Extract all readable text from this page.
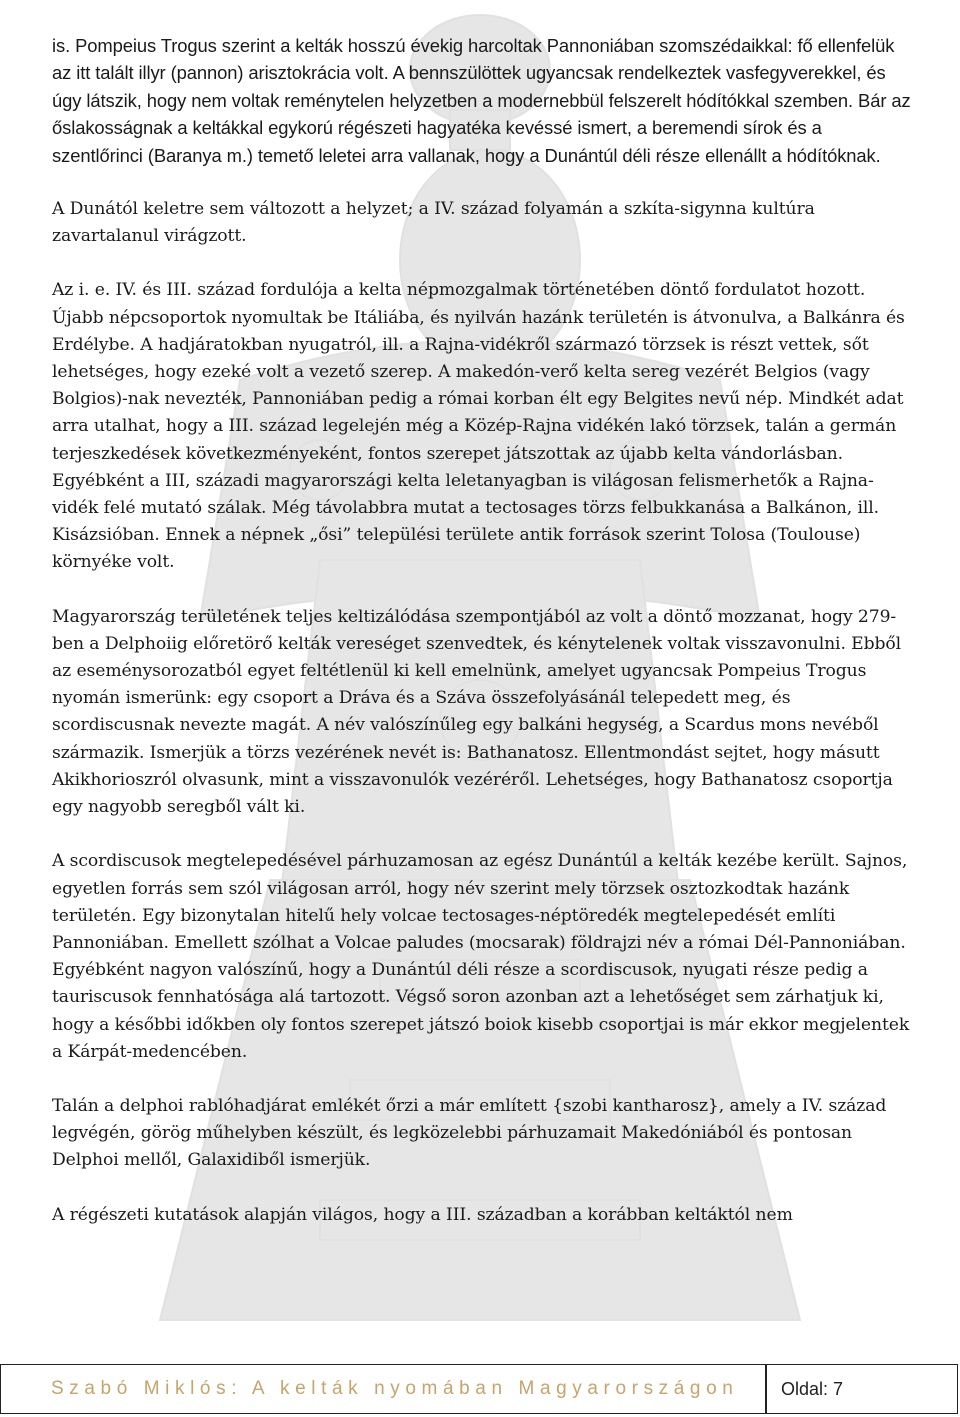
is. Pompeius Trogus szerint a kelták hosszú évekig harcoltak Pannoniában szomszédaikkal: fő ellenfelük az itt talált illyr (pannon) arisztokrácia volt. A bennszülöttek ugyancsak rendelkeztek vasfegyverekkel, és úgy látszik, hogy nem voltak reménytelen helyzetben a modernebbül felszerelt hódítókkal szemben. Bár az őslakosságnak a keltákkal egykorú régészeti hagyatéka kevéssé ismert, a beremendi sírok és a szentlőrinci (Baranya m.) temető leletei arra vallanak, hogy a Dunántúl déli része ellenállt a hódítóknak.

A Dunától keletre sem változott a helyzet; a IV. század folyamán a szkíta-sigynna kultúra zavartalanul virágzott.

Az i. e. IV. és III. század fordulója a kelta népmozgalmak történetében döntő fordulatot hozott. Újabb népcsoportok nyomultak be Itáliába, és nyilván hazánk területén is átvonulva, a Balkánra és Erdélybe. A hadjáratokban nyugatról, ill. a Rajna-vidékről származó törzsek is részt vettek, sőt lehetséges, hogy ezeké volt a vezető szerep. A makedón-verő kelta sereg vezérét Belgios (vagy Bolgios)-nak nevezték, Pannoniában pedig a római korban élt egy Belgites nevű nép. Mindkét adat arra utalhat, hogy a III. század legelején még a Közép-Rajna vidékén lakó törzsek, talán a germán terjeszkedések következményeként, fontos szerepet játszottak az újabb kelta vándorlásban. Egyébként a III, századi magyarországi kelta leletanyagban is világosan felismerhetők a Rajna-vidék felé mutató szálak. Még távolabbra mutat a tectosages törzs felbukkanása a Balkánon, ill. Kisázsióban. Ennek a népnek „ősi” települési területe antik források szerint Tolosa (Toulouse) környéke volt.

Magyarország területének teljes keltizálódása szempontjából az volt a döntő mozzanat, hogy 279-ben a Delphoiig előretörő kelták vereséget szenvedtek, és kénytelenek voltak visszavonulni. Ebből az eseménysorozatból egyet feltétlenül ki kell emelnünk, amelyet ugyancsak Pompeius Trogus nyomán ismerünk: egy csoport a Dráva és a Száva összefolyásánál telepedett meg, és scordiscusnak nevezte magát. A név valószínűleg egy balkáni hegység, a Scardus mons nevéből származik. Ismerjük a törzs vezérének nevét is: Bathanatosz. Ellentmondást sejtet, hogy másutt Akikhorioszról olvasunk, mint a visszavonulók vezéréről. Lehetséges, hogy Bathanatosz csoportja egy nagyobb seregből vált ki.

A scordiscusok megtelepedésével párhuzamosan az egész Dunántúl a kelták kezébe került. Sajnos, egyetlen forrás sem szól világosan arról, hogy név szerint mely törzsek osztozkodtak hazánk területén. Egy bizonytalan hitelű hely volcae tectosages-néptöredék megtelepedését említi Pannoniában. Emellett szólhat a Volcae paludes (mocsarak) földrajzi név a római Dél-Pannoniában. Egyébként nagyon valószínű, hogy a Dunántúl déli része a scordiscusok, nyugati része pedig a tauriscusok fennhatósága alá tartozott. Végső soron azonban azt a lehetőséget sem zárhatjuk ki, hogy a későbbi időkben oly fontos szerepet játszó boiok kisebb csoportjai is már ekkor megjelentek a Kárpát-medencében.

Talán a delphoi rablóhadjárat emlékét őrzi a már említett {szobi kantharosz}, amely a IV. század legvégén, görög műhelyben készült, és legközelebbi párhuzamait Makedóniából és pontosan Delphoi mellől, Galaxidiből ismerjük.

A régészeti kutatások alapján világos, hogy a III. században a korábban keltáktól nem

Szabó Miklós: A kelták nyomában Magyarországon	Oldal: 7
